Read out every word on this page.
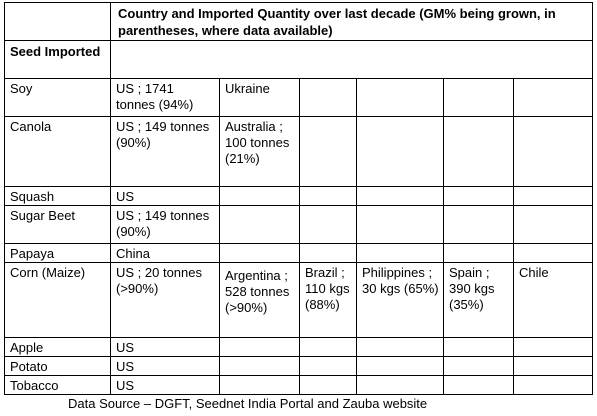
	Country and Imported Quantity over last decade (GM% being grown, in parentheses, where data available)					
Seed Imported						
Soy	US ; 1741 tonnes (94%)	Ukraine				
Canola	US ; 149 tonnes (90%)	Australia ; 100 tonnes (21%)				
Squash	US					
Sugar Beet	US ; 149 tonnes (90%)					
Papaya	China					
Corn (Maize)	US ; 20 tonnes (>90%)	Argentina ; 528 tonnes (>90%)	Brazil ; 110 kgs (88%)	Philippines ; 30 kgs (65%)	Spain ; 390 kgs (35%)	Chile
Apple	US					
Potato	US					
Tobacco	US					
Data Source – DGFT, Seednet India Portal and Zauba website
